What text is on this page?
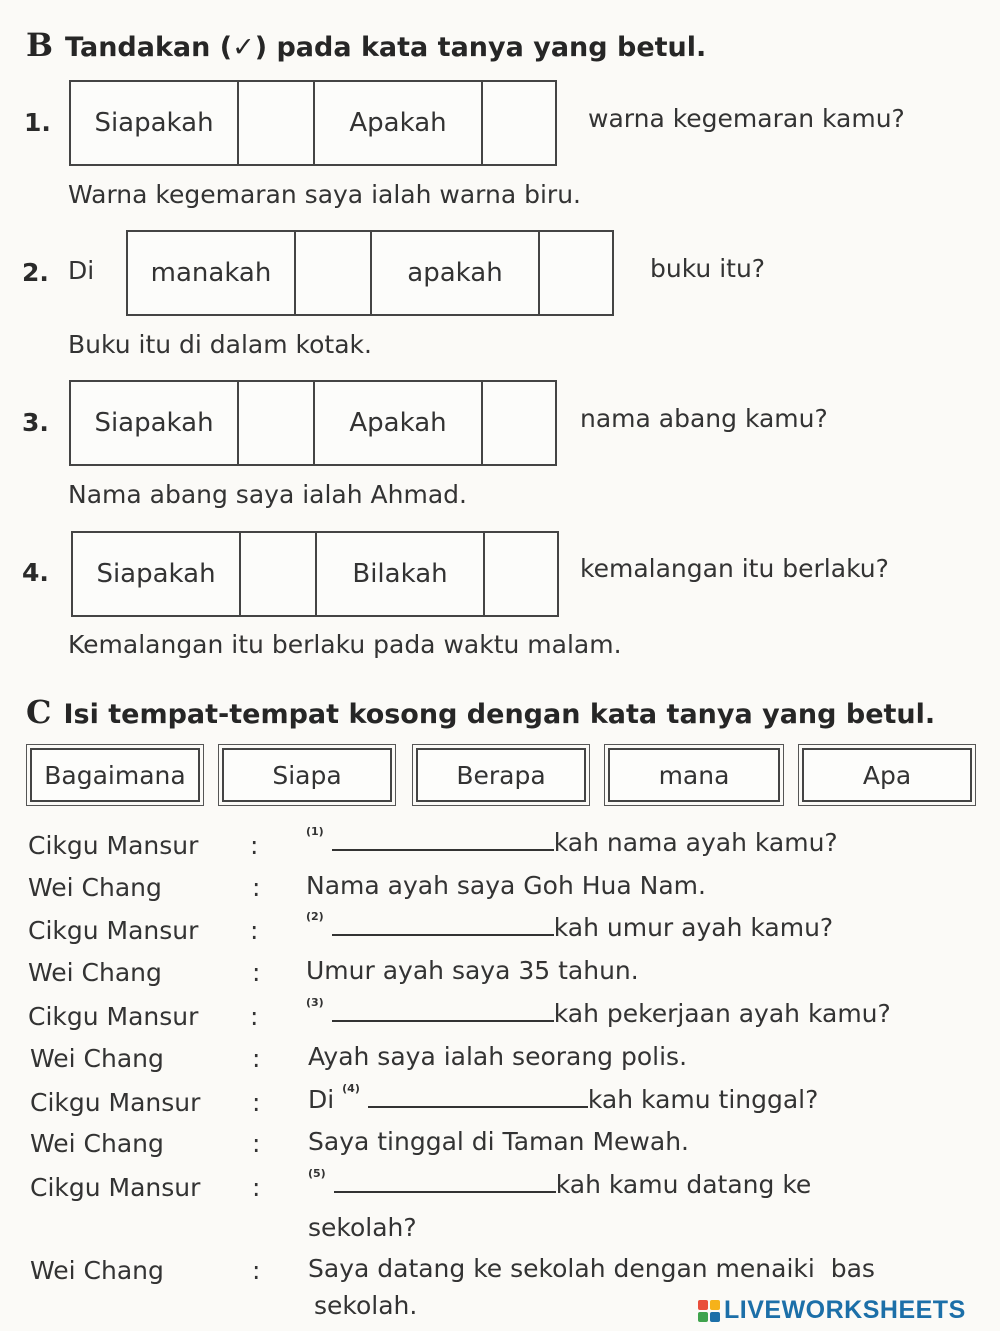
B Tandakan (✓) pada kata tanya yang betul.
1.	Siapakah	Apakah	warna kegemaran kamu?
Warna kegemaran saya ialah warna biru.
2. Di	manakah	apakah	buku itu?
Buku itu di dalam kotak.
3.	Siapakah	Apakah	nama abang kamu?
Nama abang saya ialah Ahmad.
4.	Siapakah	Bilakah	kemalangan itu berlaku?
Kemalangan itu berlaku pada waktu malam.
C Isi tempat-tempat kosong dengan kata tanya yang betul.
Bagaimana	Siapa	Berapa	mana	Apa
Cikgu Mansur :	$^{(1)}$	kah nama ayah kamu?
Wei Chang	: Nama ayah saya Goh Hua Nam.
Cikgu Mansur :	$^{(2)}$	kah umur ayah kamu?
Wei Chang	: Umur ayah saya 35 tahun.
Cikgu Mansur :	$^{(3)}$	kah pekerjaan ayah kamu?
Wei Chang	: Ayah saya ialah seorang polis.
Cikgu Mansur : Di $^{(4)}$	kah kamu tinggal?
Wei Chang	: Saya tinggal di Taman Mewah.
Cikgu Mansur :	$^{(5)}$	kah kamu datang ke
sekolah?
Wei Chang	: Saya datang ke sekolah dengan menaiki  bas
sekolah.	LIVEWORKSHEETS
